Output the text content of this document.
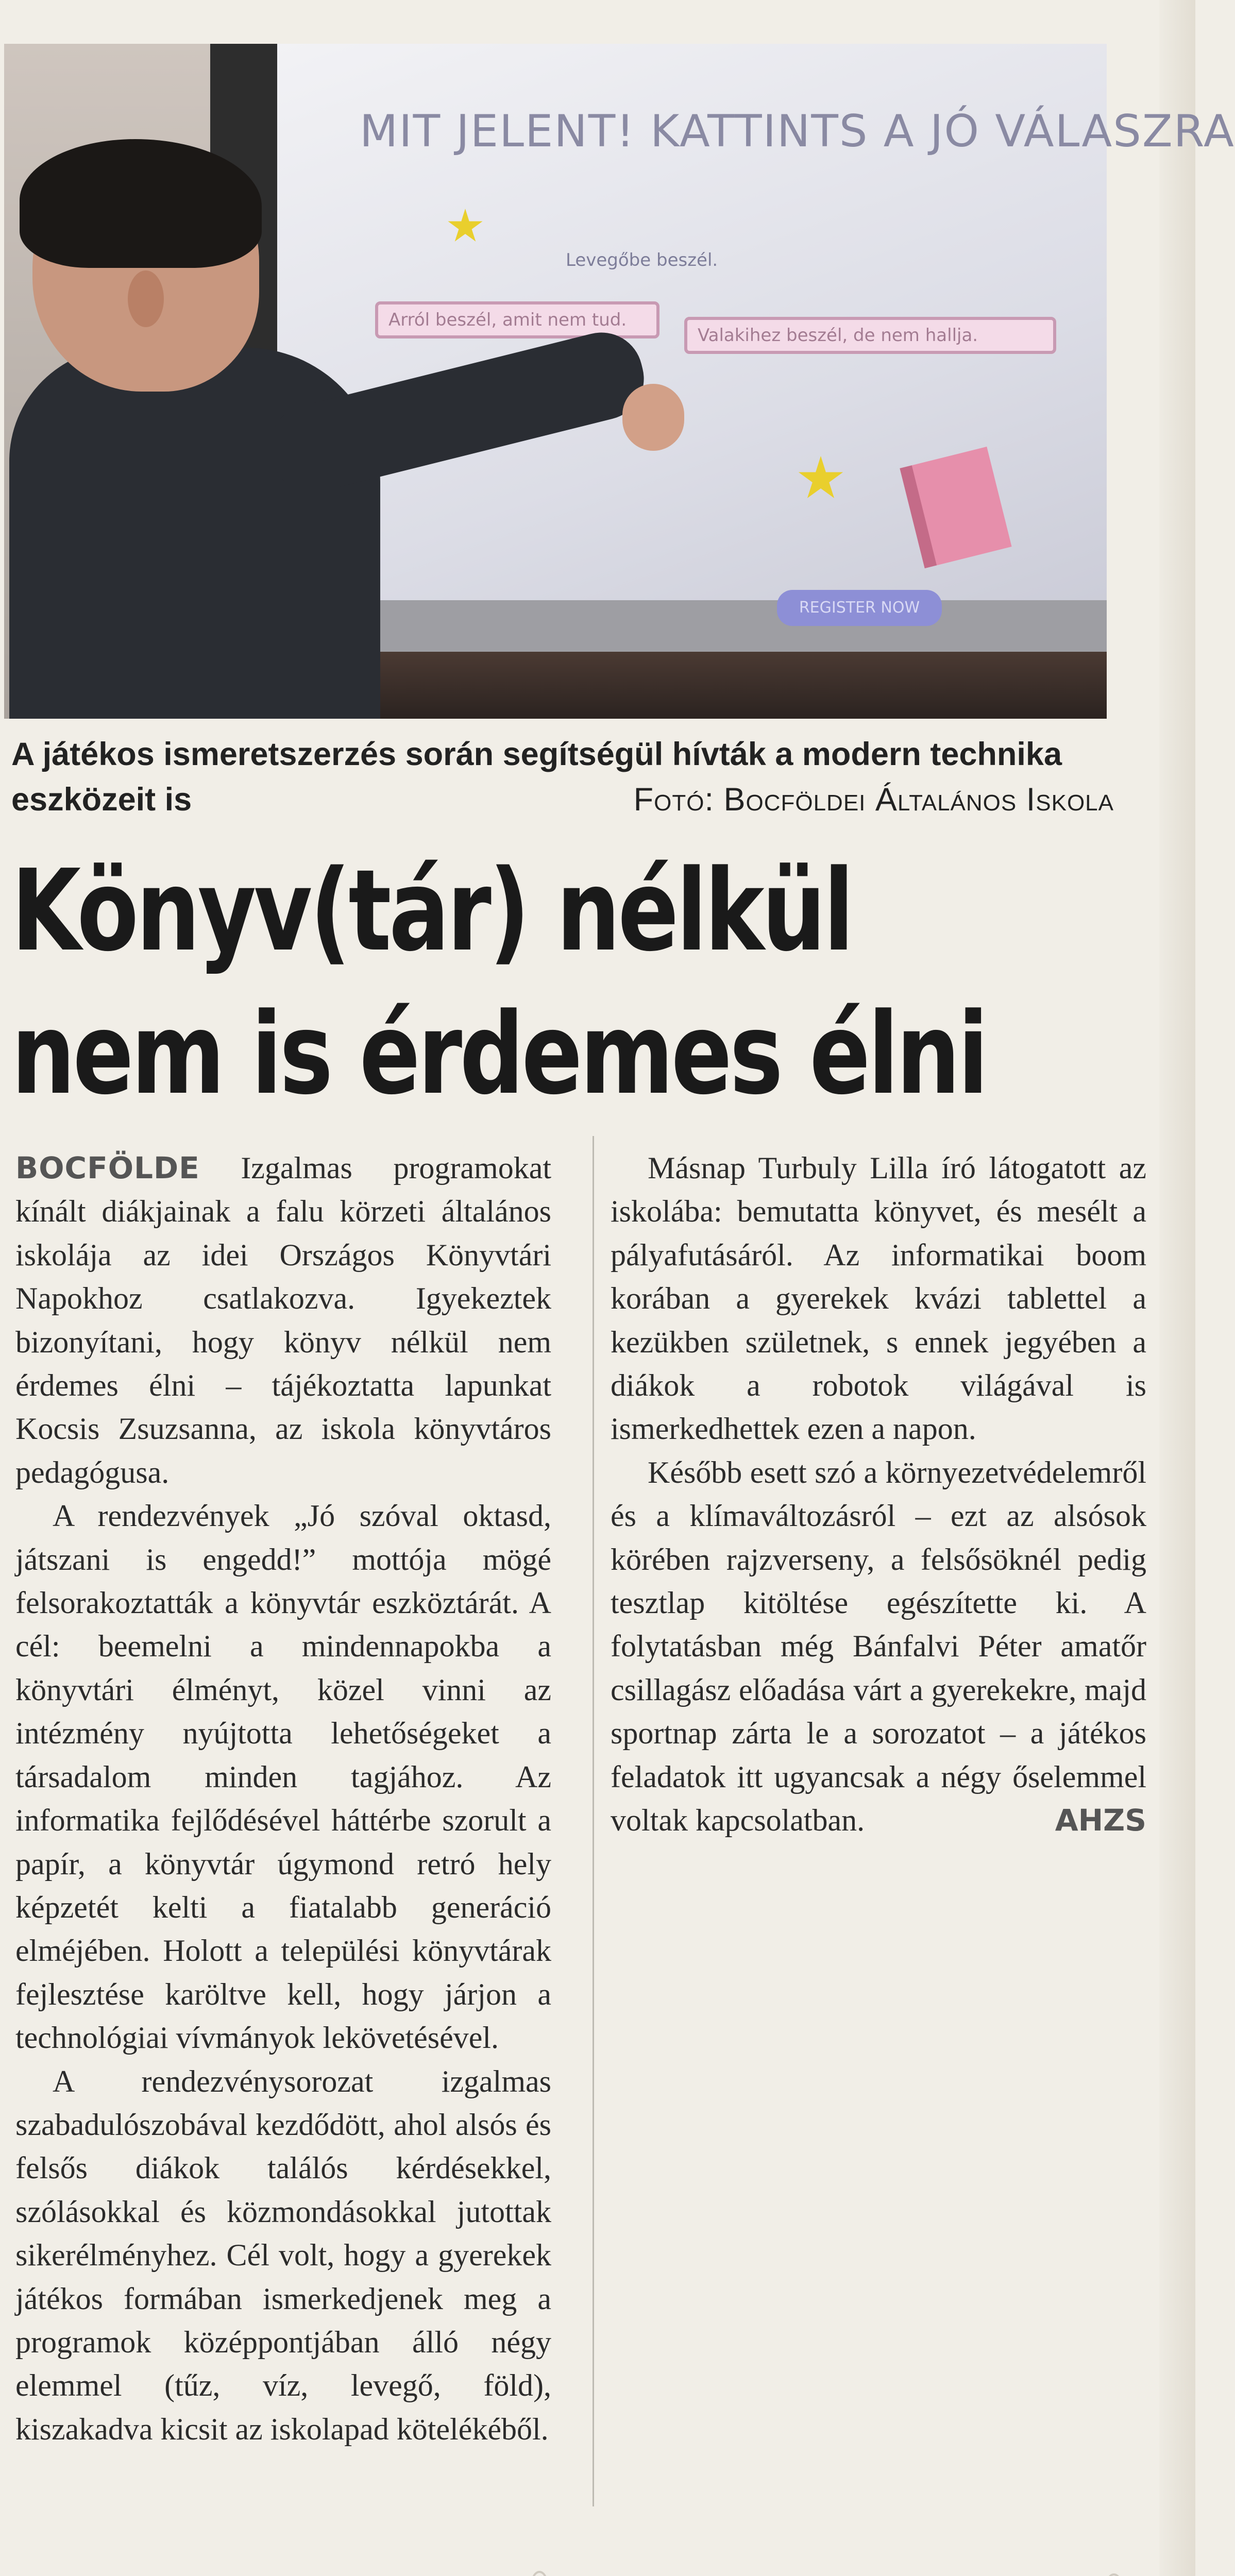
MIT JELENT! KATTINTS A JÓ VÁLASZRA
Levegőbe beszél.
Arról beszél, amit nem tud.
Valakihez beszél, de nem hallja.
REGISTER NOW
A játékos ismeretszerzés során segítségül hívták a modern technika eszközeit is	Fotó: Bocföldei Általános Iskola
Könyv(tár) nélkül
nem is érdemes élni

BOCFÖLDE Izgalmas programokat kínált diákjainak a falu körzeti általános iskolája az idei Országos Könyvtári Napokhoz csatlakozva. Igyekeztek bizonyítani, hogy könyv nélkül nem érdemes élni – tájékoztatta lapunkat Kocsis Zsuzsanna, az iskola könyvtáros pedagógusa.

A rendezvények „Jó szóval oktasd, játszani is engedd!” mottója mögé felsorakoztatták a könyvtár eszköztárát. A cél: beemelni a mindennapokba a könyvtári élményt, közel vinni az intézmény nyújtotta lehetőségeket a társadalom minden tagjához. Az informatika fejlődésével háttérbe szorult a papír, a könyvtár úgymond retró hely képzetét kelti a fiatalabb generáció elméjében. Holott a települési könyvtárak fejlesztése karöltve kell, hogy járjon a technológiai vívmányok lekövetésével.

A rendezvénysorozat izgalmas szabadulószobával kezdődött, ahol alsós és felsős diákok találós kérdésekkel, szólásokkal és közmondásokkal jutottak sikerélményhez. Cél volt, hogy a gyerekek játékos formában ismerkedjenek meg a programok középpontjában álló négy elemmel (tűz, víz, levegő, föld), kiszakadva kicsit az iskolapad kötelékéből.

Másnap Turbuly Lilla író látogatott az iskolába: bemutatta könyvet, és mesélt a pályafutásáról. Az informatikai boom korában a gyerekek kvázi tablettel a kezükben születnek, s ennek jegyében a diákok a robotok világával is ismerkedhettek ezen a napon.

Később esett szó a környezetvédelemről és a klímaváltozásról – ezt az alsósok körében rajzverseny, a felsősöknél pedig tesztlap kitöltése egészítette ki. A folytatásban még Bánfalvi Péter amatőr csillagász előadása várt a gyerekekre, majd sportnap zárta le a sorozatot – a játékos feladatok itt ugyancsak a négy őselemmel voltak kapcsolatban.	AHZS
